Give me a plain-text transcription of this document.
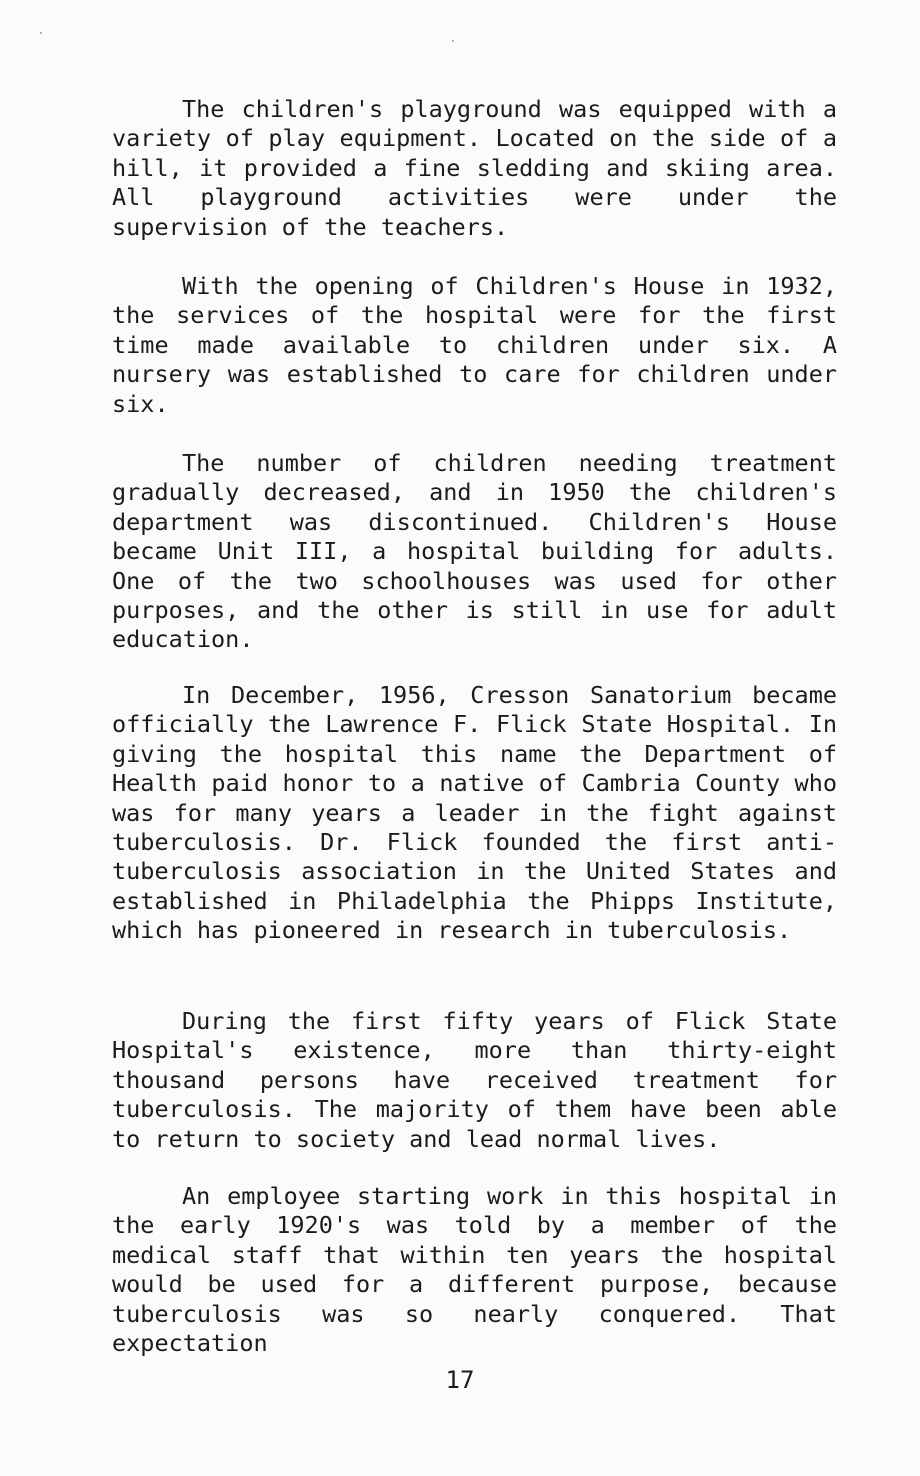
The children's playground was equipped with a variety of play equipment. Located on the side of a hill, it provided a fine sledding and skiing area. All playground activities were under the supervision of the teachers.

With the opening of Children's House in 1932, the services of the hospital were for the first time made available to children under six. A nursery was established to care for children under six.

The number of children needing treatment gradually decreased, and in 1950 the children's department was discontinued. Children's House became Unit III, a hospital building for adults. One of the two schoolhouses was used for other purposes, and the other is still in use for adult education.

In December, 1956, Cresson Sanatorium became officially the Lawrence F. Flick State Hospital. In giving the hospital this name the Department of Health paid honor to a native of Cambria County who was for many years a leader in the fight against tuberculosis. Dr. Flick founded the first anti-tuberculosis association in the United States and established in Philadelphia the Phipps Institute, which has pioneered in research in tuberculosis.

During the first fifty years of Flick State Hospital's existence, more than thirty-eight thousand persons have received treatment for tuberculosis. The majority of them have been able to return to society and lead normal lives.

An employee starting work in this hospital in the early 1920's was told by a member of the medical staff that within ten years the hospital would be used for a different purpose, because tuberculosis was so nearly conquered. That expectation

17
